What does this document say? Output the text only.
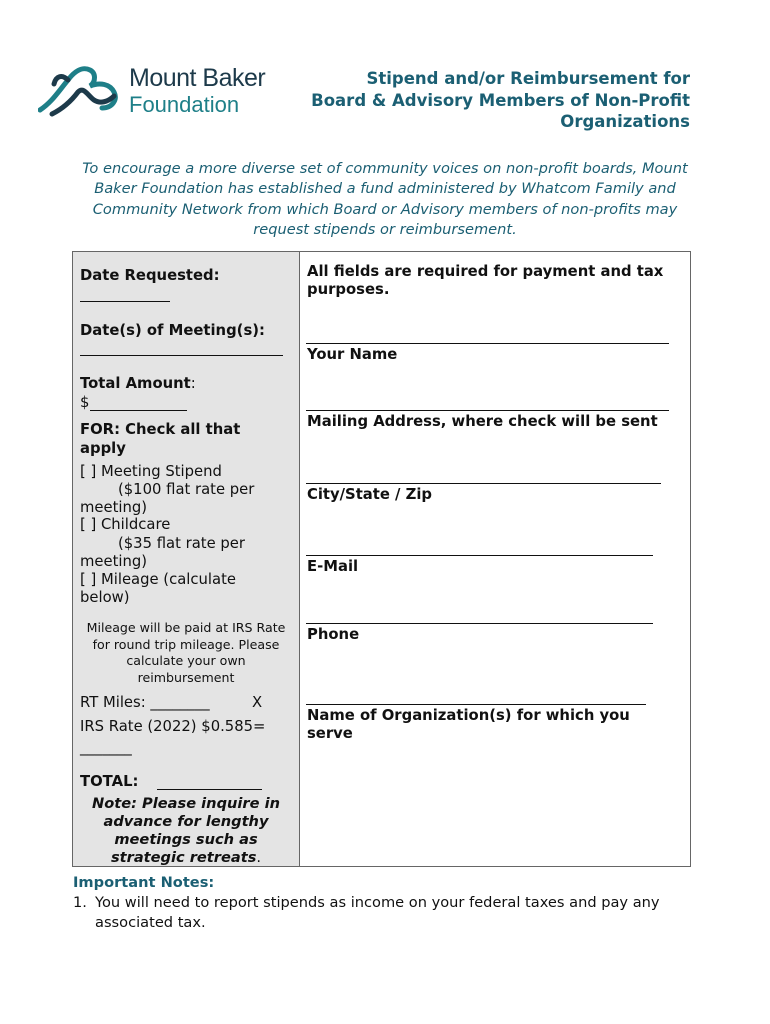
Mount Baker
Foundation
Stipend and/or Reimbursement for Board & Advisory Members of Non-Profit Organizations
To encourage a more diverse set of community voices on non-profit boards, Mount Baker Foundation has established a fund administered by Whatcom Family and Community Network from which Board or Advisory members of non-profits may request stipends or reimbursement.
Date Requested:
Date(s) of Meeting(s):
Total Amount:
$
FOR: Check all that apply
[ ] Meeting Stipend
($100 flat rate per
meeting)
[ ] Childcare
($35 flat rate per
meeting)
[ ] Mileage (calculate
below)
Mileage will be paid at IRS Rate for round trip mileage. Please calculate your own reimbursement
RT Miles: ________	X
IRS Rate (2022) $0.585=
_______
TOTAL:
Note: Please inquire in advance for lengthy meetings such as strategic retreats.
All fields are required for payment and tax purposes.
Your Name
Mailing Address, where check will be sent
City/State / Zip
E-Mail
Phone
Name of Organization(s) for which you serve
Important Notes:
1. You will need to report stipends as income on your federal taxes and pay any associated tax.
